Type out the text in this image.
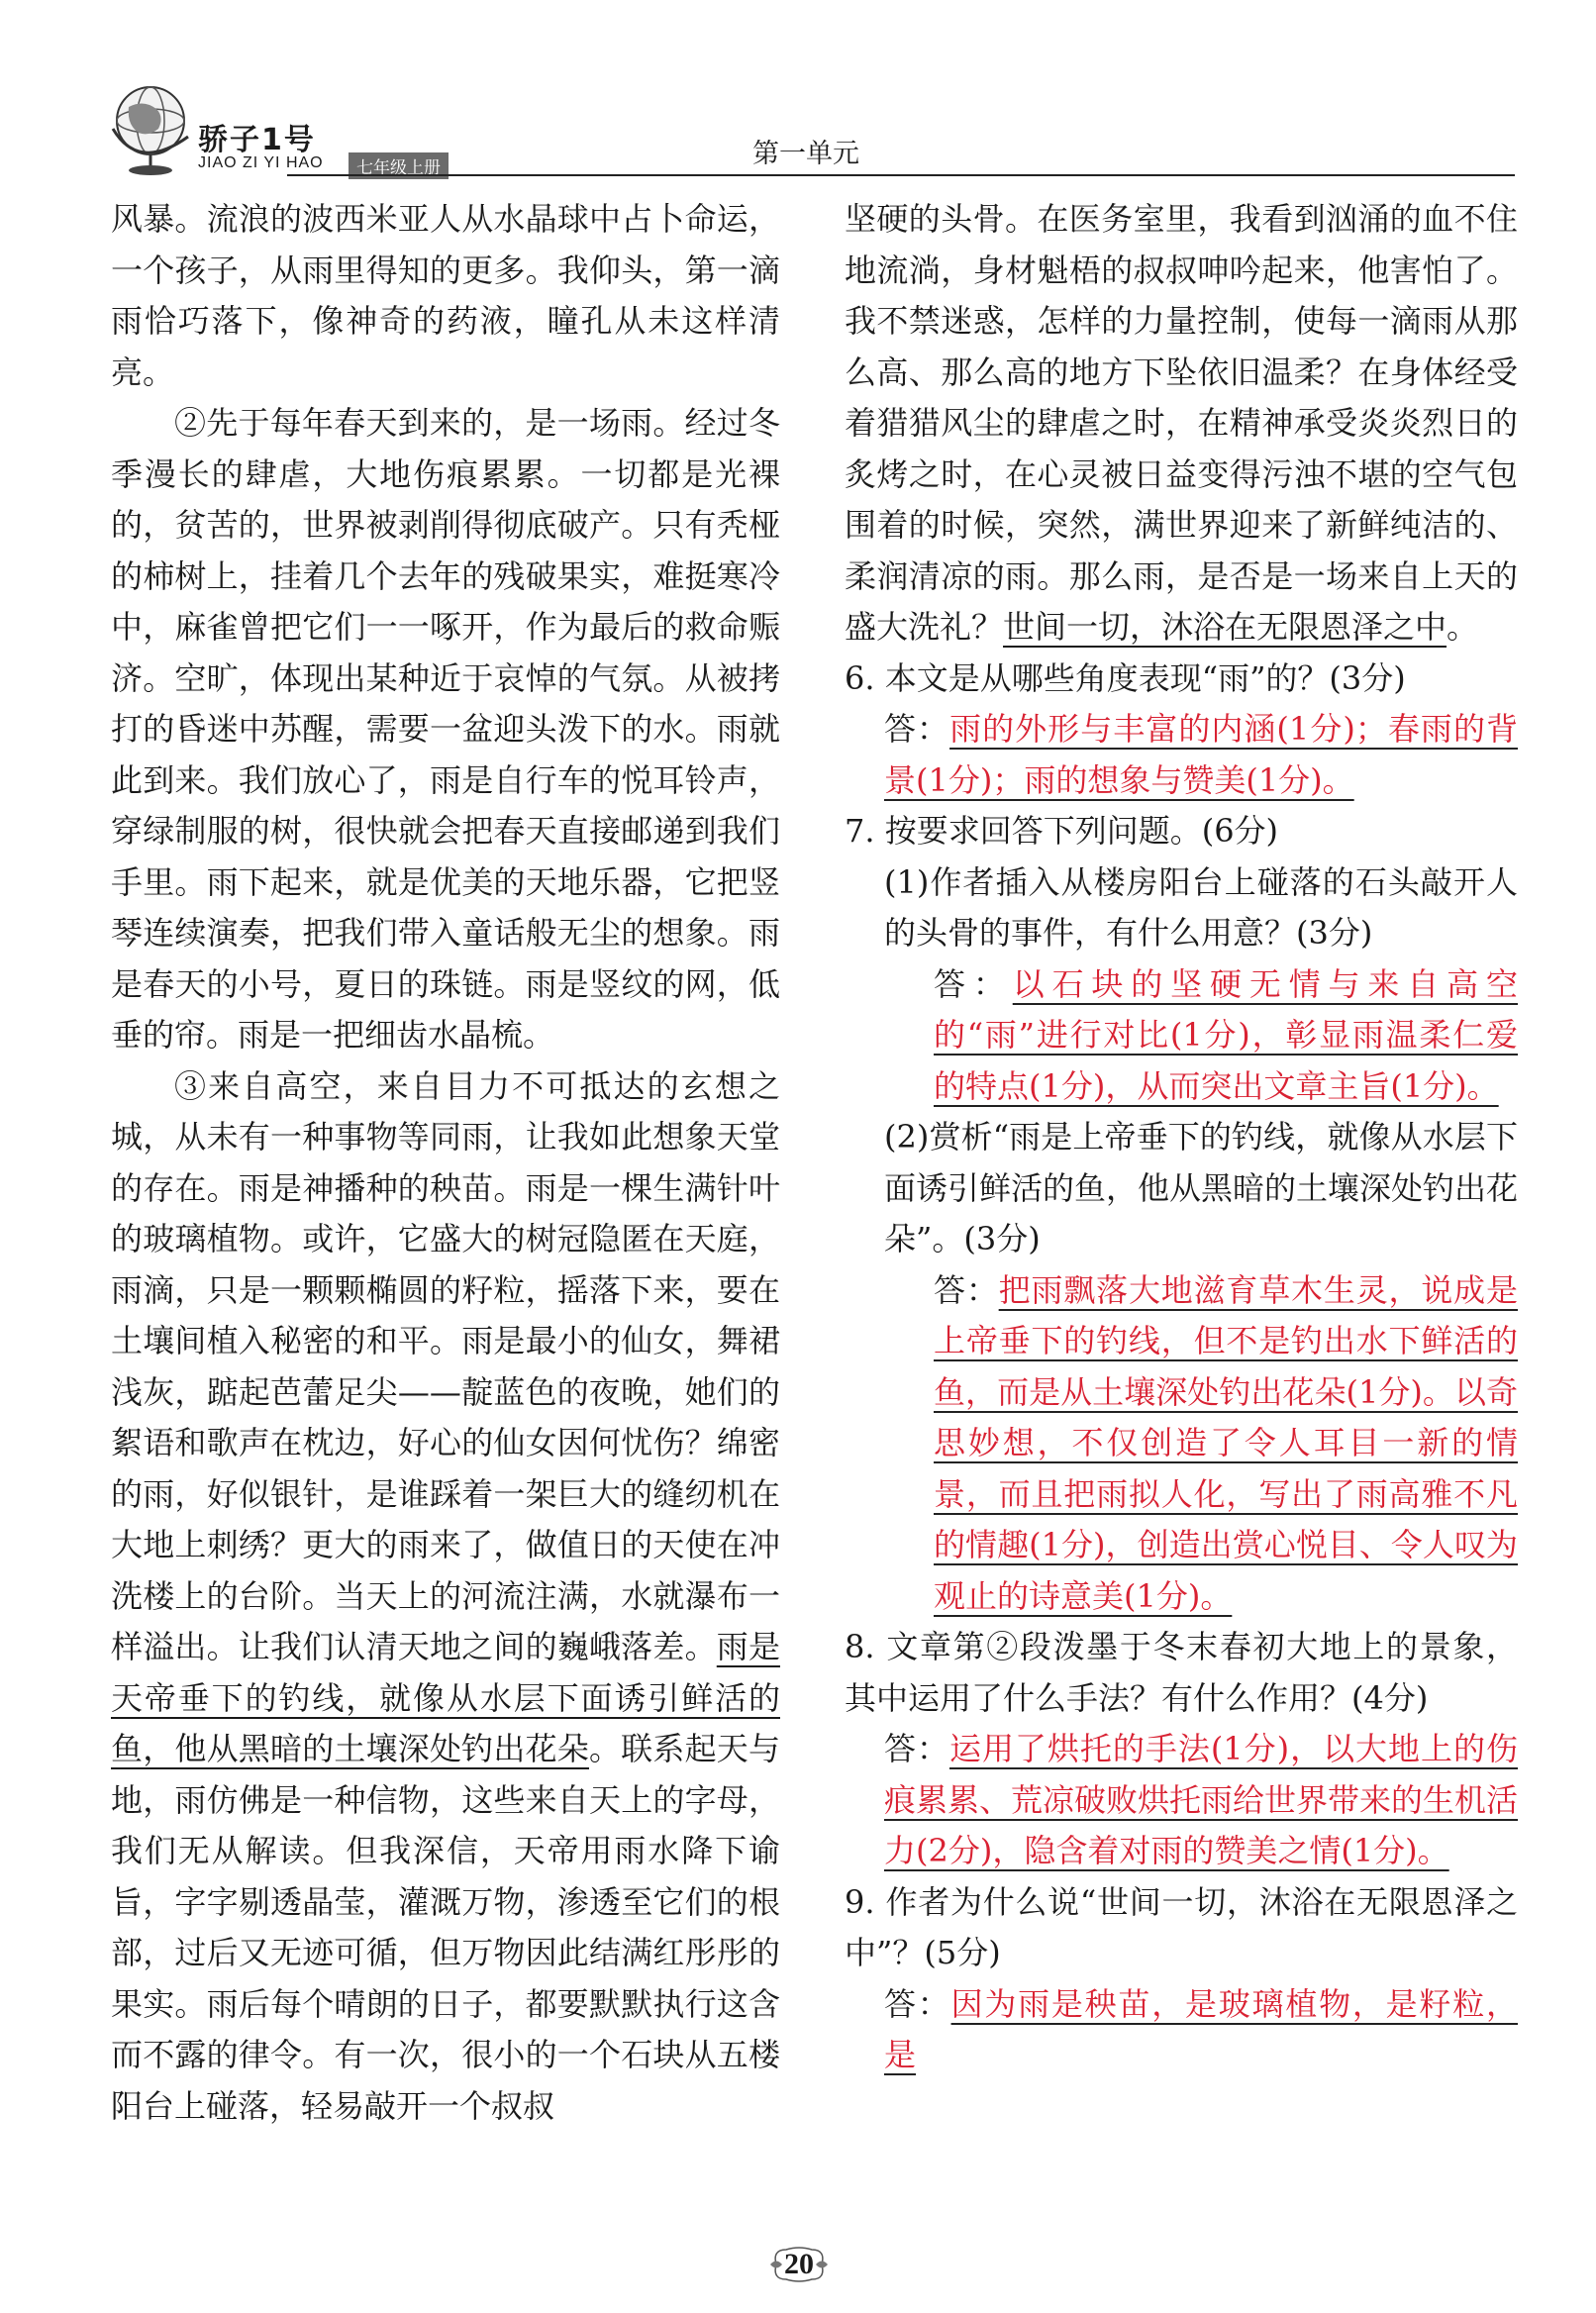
骄子1号
JIAO ZI YI HAO	七年级上册	第一单元

风暴。流浪的波西米亚人从水晶球中占卜命运，一个孩子，从雨里得知的更多。我仰头，第一滴雨恰巧落下，像神奇的药液，瞳孔从未这样清亮。

②先于每年春天到来的，是一场雨。经过冬季漫长的肆虐，大地伤痕累累。一切都是光裸的，贫苦的，世界被剥削得彻底破产。只有秃桠的柿树上，挂着几个去年的残破果实，难挺寒冷中，麻雀曾把它们一一啄开，作为最后的救命赈济。空旷，体现出某种近于哀悼的气氛。从被拷打的昏迷中苏醒，需要一盆迎头泼下的水。雨就此到来。我们放心了，雨是自行车的悦耳铃声，穿绿制服的树，很快就会把春天直接邮递到我们手里。雨下起来，就是优美的天地乐器，它把竖琴连续演奏，把我们带入童话般无尘的想象。雨是春天的小号，夏日的珠链。雨是竖纹的网，低垂的帘。雨是一把细齿水晶梳。

③来自高空，来自目力不可抵达的玄想之城，从未有一种事物等同雨，让我如此想象天堂的存在。雨是神播种的秧苗。雨是一棵生满针叶的玻璃植物。或许，它盛大的树冠隐匿在天庭，雨滴，只是一颗颗椭圆的籽粒，摇落下来，要在土壤间植入秘密的和平。雨是最小的仙女，舞裙浅灰，踮起芭蕾足尖——靛蓝色的夜晚，她们的絮语和歌声在枕边，好心的仙女因何忧伤？绵密的雨，好似银针，是谁踩着一架巨大的缝纫机在大地上刺绣？更大的雨来了，做值日的天使在冲洗楼上的台阶。当天上的河流注满，水就瀑布一样溢出。让我们认清天地之间的巍峨落差。雨是天帝垂下的钓线，就像从水层下面诱引鲜活的鱼，他从黑暗的土壤深处钓出花朵。联系起天与地，雨仿佛是一种信物，这些来自天上的字母，我们无从解读。但我深信，天帝用雨水降下谕旨，字字剔透晶莹，灌溉万物，渗透至它们的根部，过后又无迹可循，但万物因此结满红彤彤的果实。雨后每个晴朗的日子，都要默默执行这含而不露的律令。有一次，很小的一个石块从五楼阳台上碰落，轻易敲开一个叔叔

坚硬的头骨。在医务室里，我看到汹涌的血不住地流淌，身材魁梧的叔叔呻吟起来，他害怕了。我不禁迷惑，怎样的力量控制，使每一滴雨从那么高、那么高的地方下坠依旧温柔？在身体经受着猎猎风尘的肆虐之时，在精神承受炎炎烈日的炙烤之时，在心灵被日益变得污浊不堪的空气包围着的时候，突然，满世界迎来了新鲜纯洁的、柔润清凉的雨。那么雨，是否是一场来自上天的盛大洗礼？世间一切，沐浴在无限恩泽之中。

6. 本文是从哪些角度表现“雨”的？(3分)

答：雨的外形与丰富的内涵(1分)；春雨的背景(1分)；雨的想象与赞美(1分)。

7. 按要求回答下列问题。(6分)

(1)作者插入从楼房阳台上碰落的石头敲开人的头骨的事件，有什么用意？(3分)

答：以石块的坚硬无情与来自高空的“雨”进行对比(1分)，彰显雨温柔仁爱的特点(1分)，从而突出文章主旨(1分)。

(2)赏析“雨是上帝垂下的钓线，就像从水层下面诱引鲜活的鱼，他从黑暗的土壤深处钓出花朵”。(3分)

答：把雨飘落大地滋育草木生灵，说成是上帝垂下的钓线，但不是钓出水下鲜活的鱼，而是从土壤深处钓出花朵(1分)。以奇思妙想，不仅创造了令人耳目一新的情景，而且把雨拟人化，写出了雨高雅不凡的情趣(1分)，创造出赏心悦目、令人叹为观止的诗意美(1分)。

8. 文章第②段泼墨于冬末春初大地上的景象，其中运用了什么手法？有什么作用？(4分)

答：运用了烘托的手法(1分)，以大地上的伤痕累累、荒凉破败烘托雨给世界带来的生机活力(2分)，隐含着对雨的赞美之情(1分)。

9. 作者为什么说“世间一切，沐浴在无限恩泽之中”？(5分)

答：因为雨是秧苗，是玻璃植物，是籽粒，是

20
